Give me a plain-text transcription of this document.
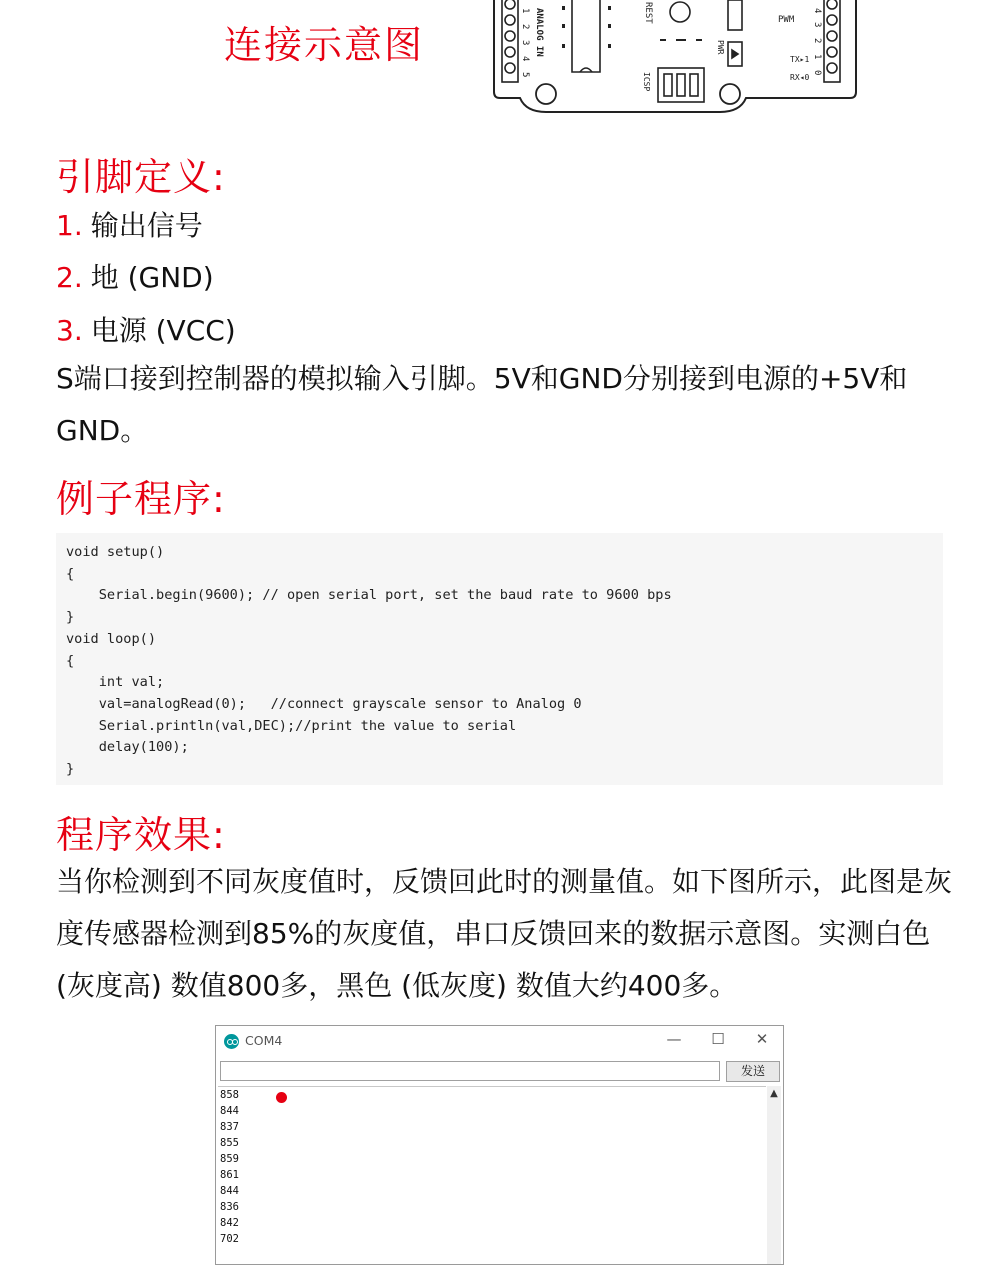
连接示意图
1
2
3
4
5
ANALOG IN	REST
PWR
ICSP
4
3
2
1
0
PWM
TX▸1
RX◂0
引脚定义:
1. 输出信号
2. 地 (GND)
3. 电源 (VCC)
S端口接到控制器的模拟输入引脚。5V和GND分别接到电源的+5V和GND。
例子程序:
void setup()
{
Serial.begin(9600); // open serial port, set the baud rate to 9600 bps
}
void loop()
{
int val;
val=analogRead(0);   //connect grayscale sensor to Analog 0
Serial.println(val,DEC);//print the value to serial
delay(100);
}
程序效果:
当你检测到不同灰度值时，反馈回此时的测量值。如下图所示，此图是灰度传感器检测到85%的灰度值，串口反馈回来的数据示意图。实测白色 (灰度高) 数值800多，黑色 (低灰度) 数值大约400多。
COM4	—	☐	✕
发送
858
844
837
855
859
861
844
836
842
702
▲
